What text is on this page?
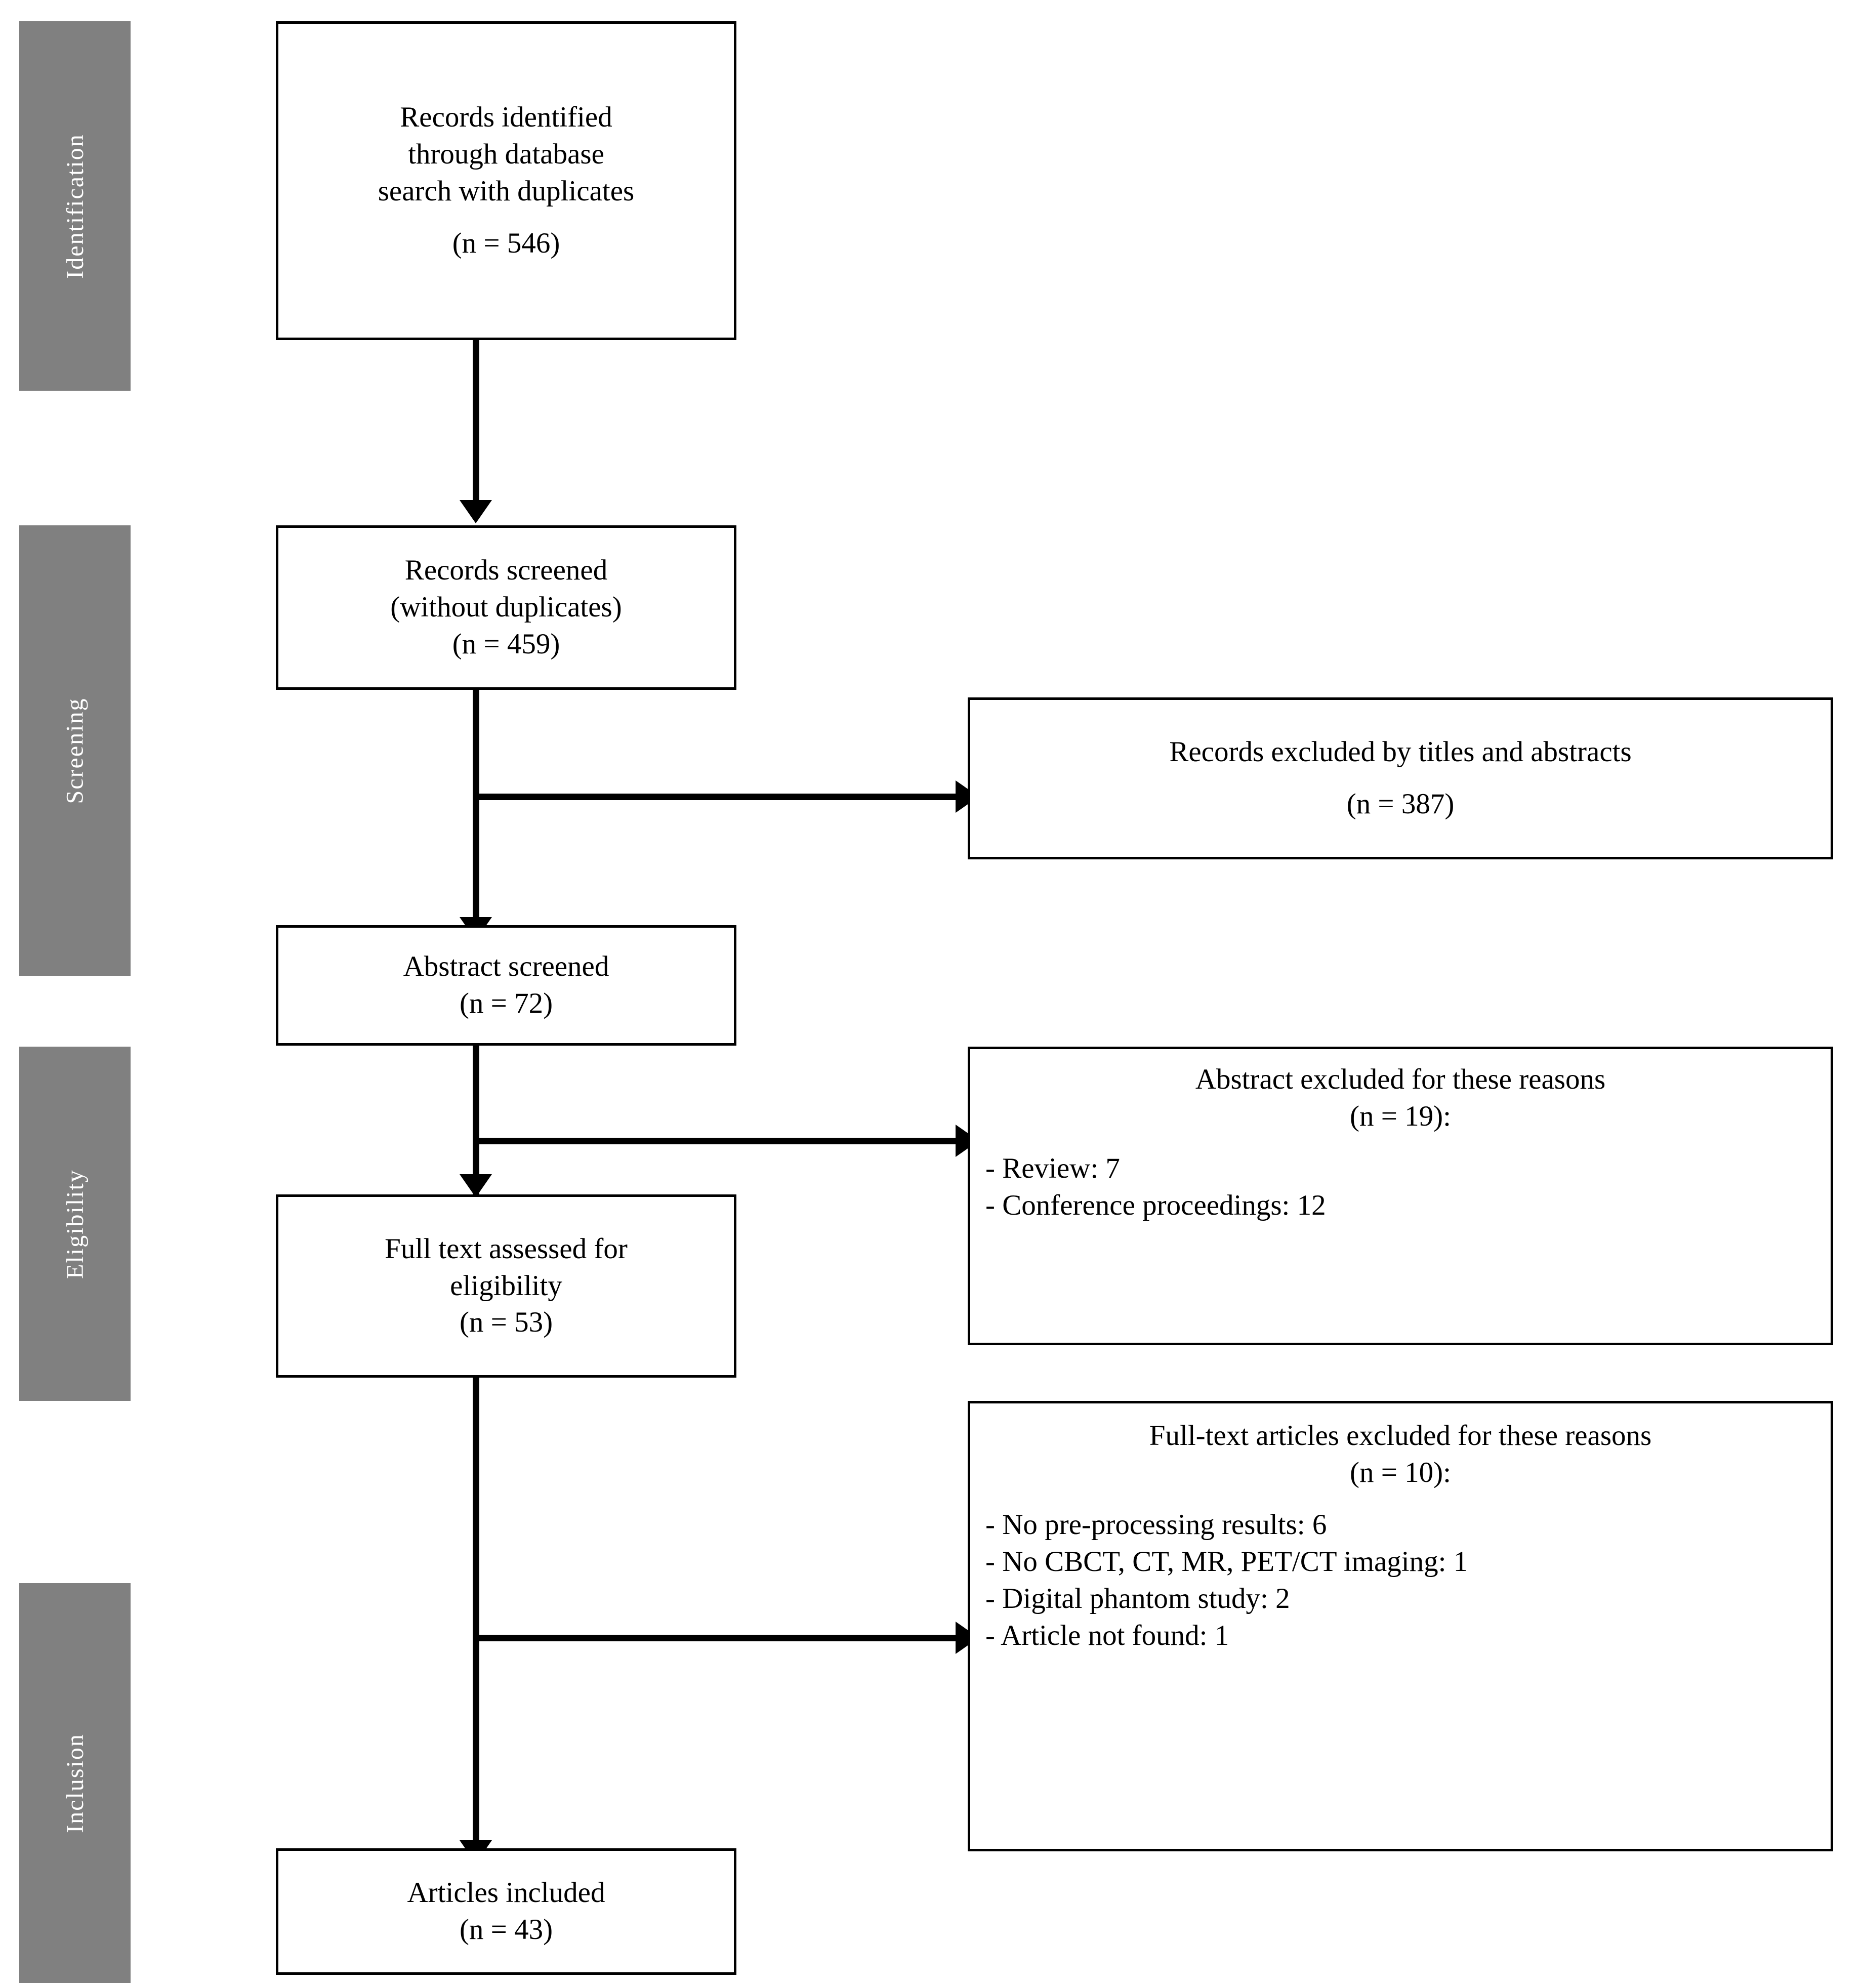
Identification
Screening
Eligibility
Inclusion
Records identified
through database
search with duplicates
(n = 546)
Records screened
(without duplicates)
(n = 459)
Records excluded by titles and abstracts
(n = 387)
Abstract screened
(n = 72)
Abstract excluded for these reasons
(n = 19):
- Review: 7
- Conference proceedings: 12
Full text assessed for
eligibility
(n = 53)
Full-text articles excluded for these reasons
(n = 10):
- No pre-processing results: 6
- No CBCT, CT, MR, PET/CT imaging: 1
- Digital phantom study: 2
- Article not found: 1
Articles included
(n = 43)
